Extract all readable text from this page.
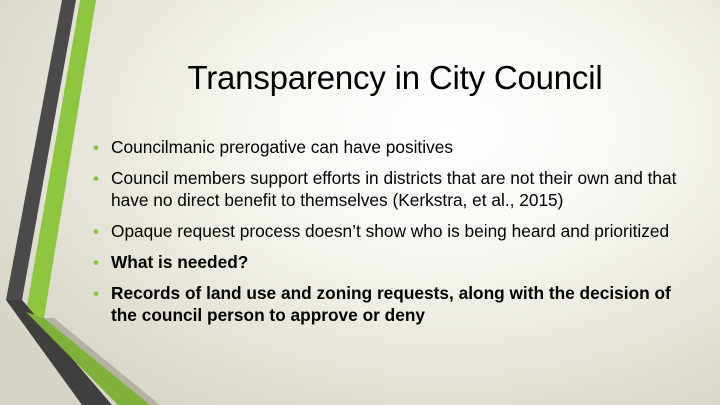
Transparency in City Council
• Councilmanic prerogative can have positives
• Council members support efforts in districts that are not their own and that have no direct benefit to themselves (Kerkstra, et al., 2015)
• Opaque request process doesn’t show who is being heard and prioritized
• What is needed?
• Records of land use and zoning requests, along with the decision of the council person to approve or deny
